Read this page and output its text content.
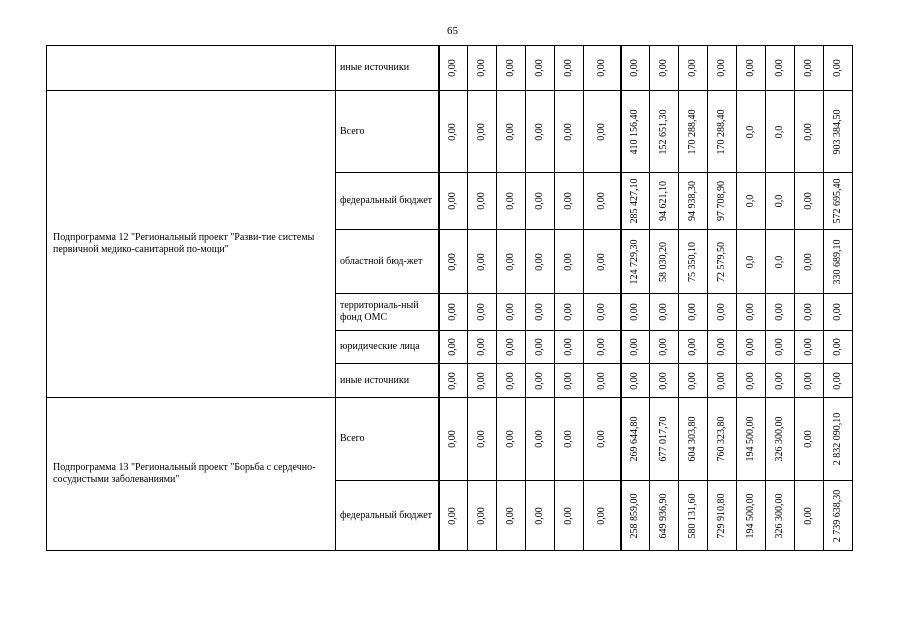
65
	иные источники	0,00	0,00	0,00	0,00	0,00	0,00	0,00	0,00	0,00	0,00	0,00	0,00	0,00	0,00

Подпрограмма 12 "Региональный проект "Разви-тие системы первичной медико-санитарной по-мощи"	Всего	0,00	0,00	0,00	0,00	0,00	0,00	410 156,40	152 651,30	170 288,40	170 288,40	0,0	0,0	0,00	903 384,50

	федеральный бюджет	0,00	0,00	0,00	0,00	0,00	0,00	285 427,10	94 621,10	94 938,30	97 708,90	0,0	0,0	0,00	572 695,40

	областной бюд-жет	0,00	0,00	0,00	0,00	0,00	0,00	124 729,30	58 030,20	75 350,10	72 579,50	0,0	0,0	0,00	330 689,10

	территориаль-ный фонд ОМС	0,00	0,00	0,00	0,00	0,00	0,00	0,00	0,00	0,00	0,00	0,00	0,00	0,00	0,00

	юридические лица	0,00	0,00	0,00	0,00	0,00	0,00	0,00	0,00	0,00	0,00	0,00	0,00	0,00	0,00

	иные источники	0,00	0,00	0,00	0,00	0,00	0,00	0,00	0,00	0,00	0,00	0,00	0,00	0,00	0,00

Подпрограмма 13 "Региональный проект "Борьба с сердечно-сосудистыми заболеваниями"	Всего	0,00	0,00	0,00	0,00	0,00	0,00	269 644,80	677 017,70	604 303,80	760 323,80	194 500,00	326 300,00	0,00	2 832 090,10

	федеральный бюджет	0,00	0,00	0,00	0,00	0,00	0,00	258 859,00	649 936,90	580 131,60	729 910,80	194 500,00	326 300,00	0,00	2 739 638,30
